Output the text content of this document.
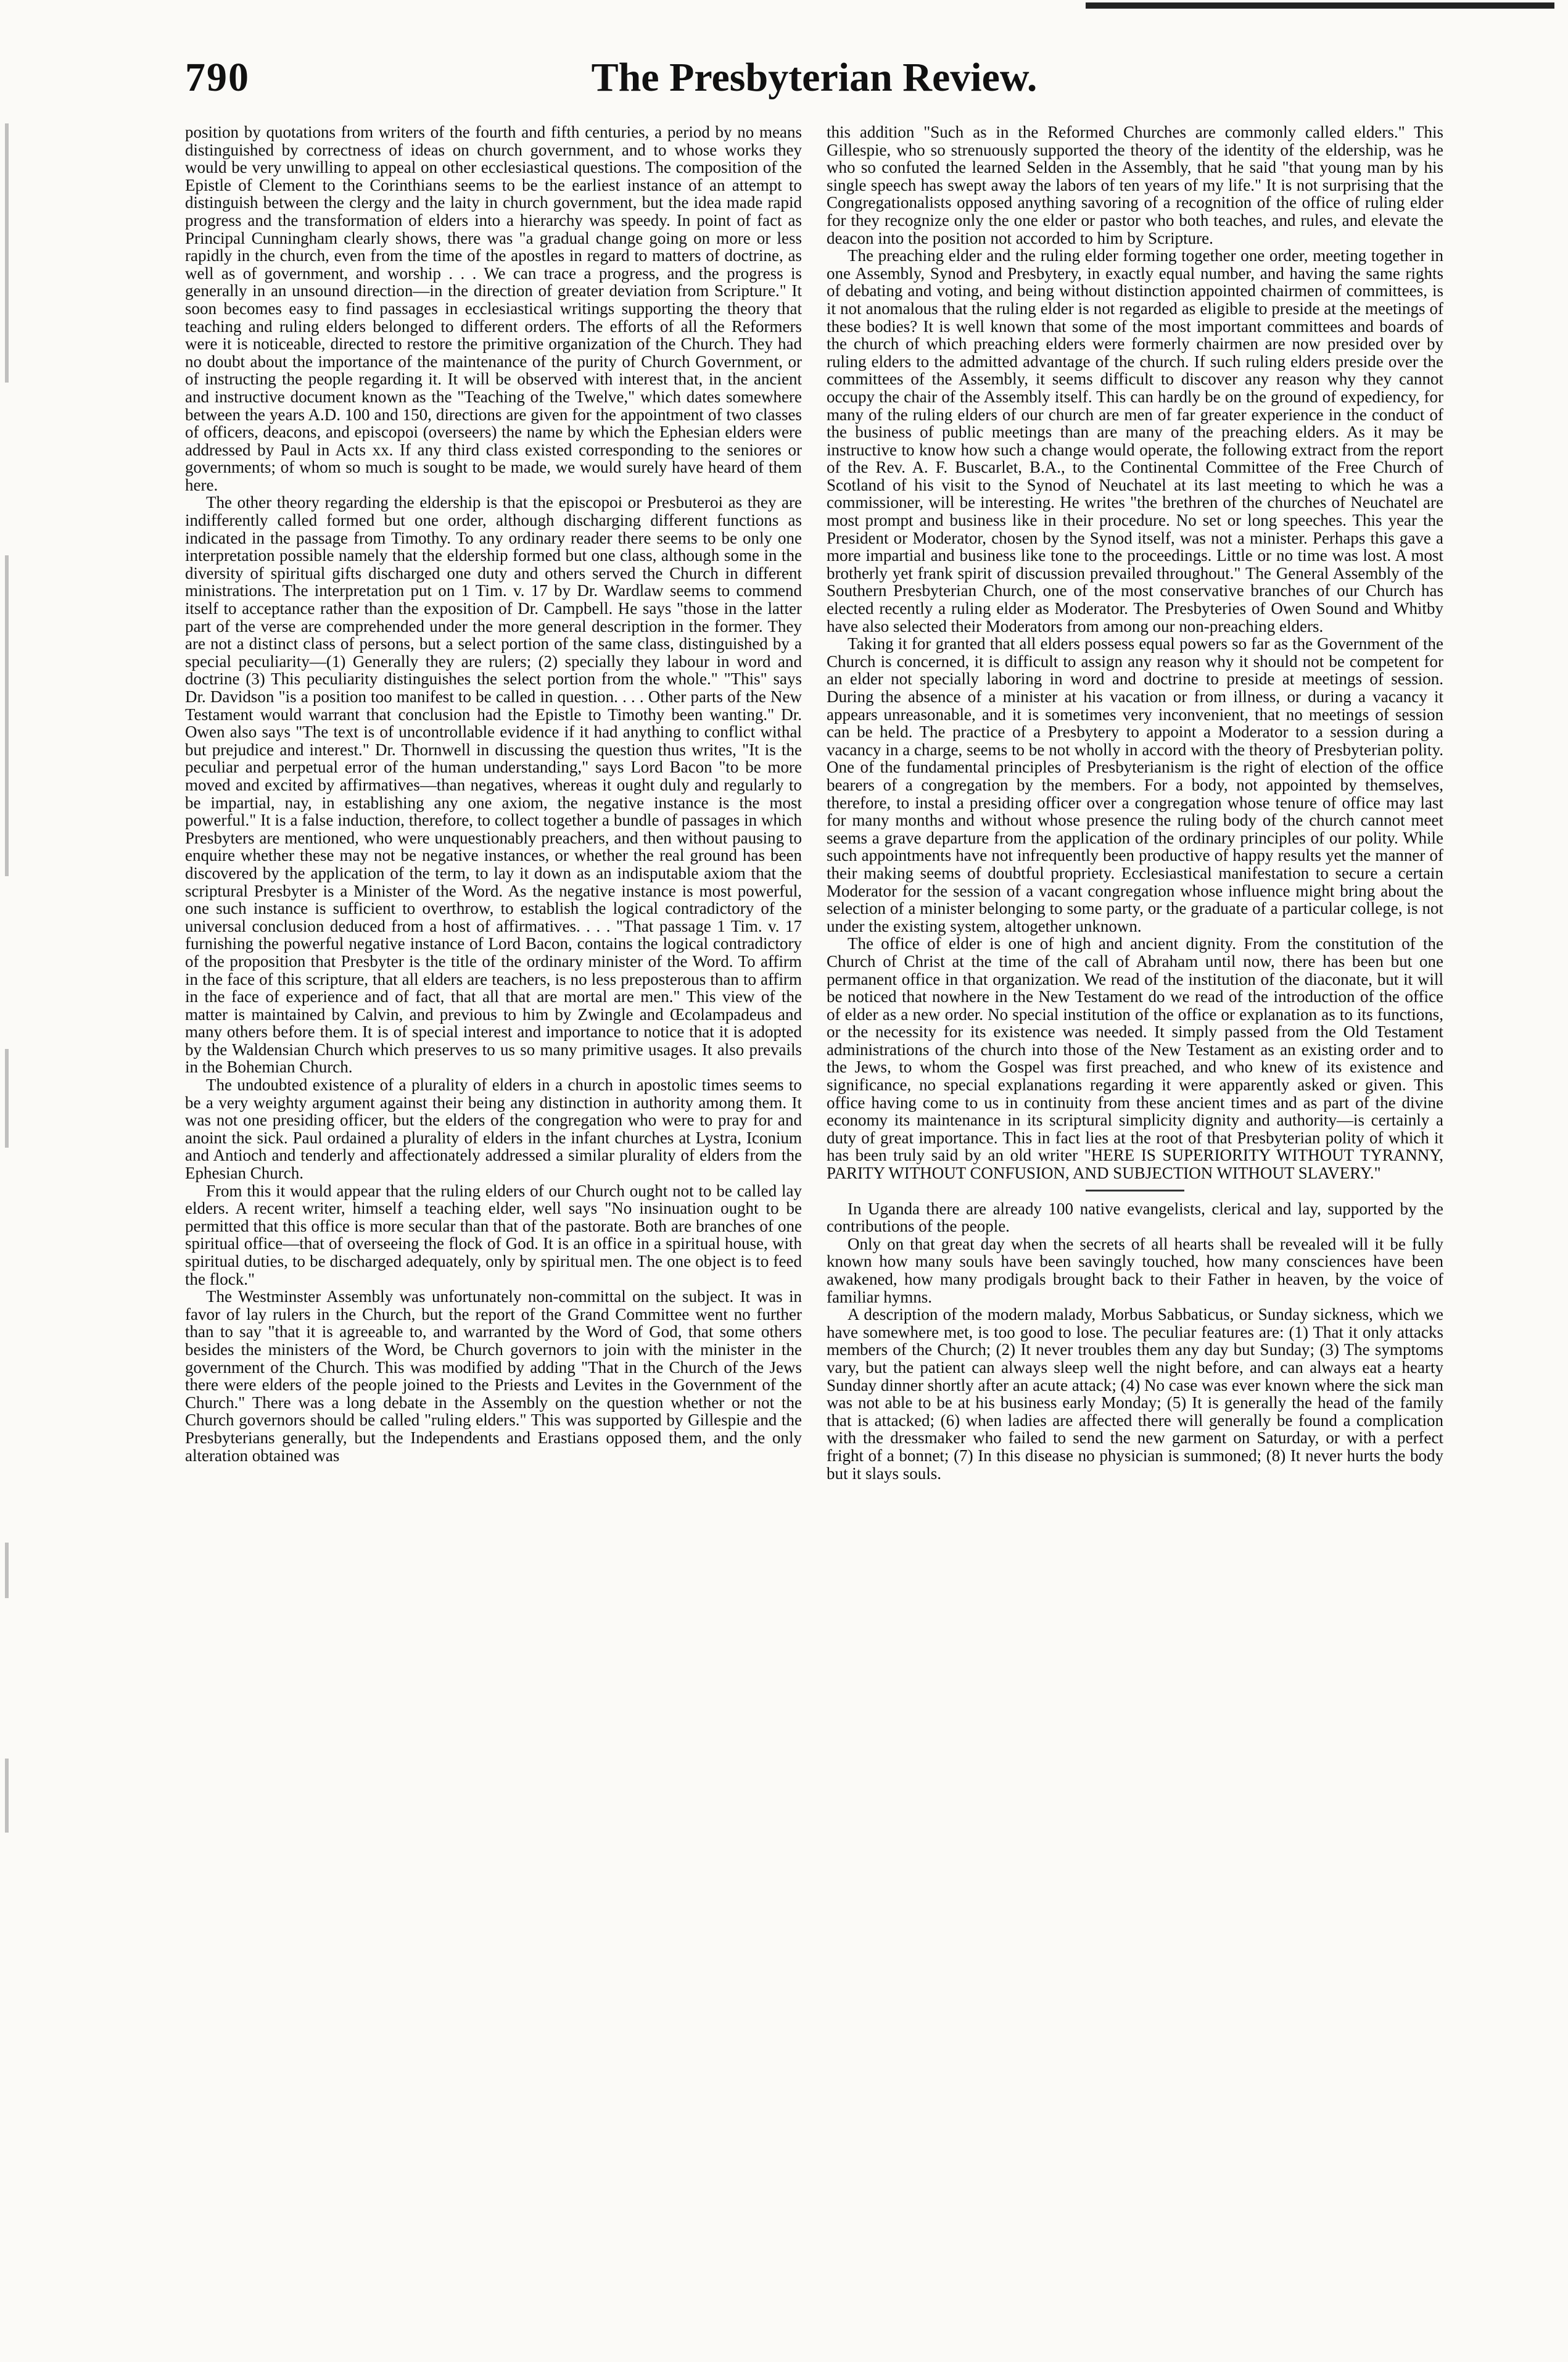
790	The Presbyterian Review.

position by quotations from writers of the fourth and fifth centuries, a period by no means distinguished by correctness of ideas on church government, and to whose works they would be very unwilling to appeal on other ecclesiastical questions. The composition of the Epistle of Clement to the Corinthians seems to be the earliest instance of an attempt to distinguish between the clergy and the laity in church government, but the idea made rapid progress and the transformation of elders into a hierarchy was speedy. In point of fact as Principal Cunningham clearly shows, there was "a gradual change going on more or less rapidly in the church, even from the time of the apostles in regard to matters of doctrine, as well as of government, and worship . . . We can trace a progress, and the progress is generally in an unsound direction—in the direction of greater deviation from Scripture." It soon becomes easy to find passages in ecclesiastical writings supporting the theory that teaching and ruling elders belonged to different orders. The efforts of all the Reformers were it is noticeable, directed to restore the primitive organization of the Church. They had no doubt about the importance of the maintenance of the purity of Church Government, or of instructing the people regarding it. It will be observed with interest that, in the ancient and instructive document known as the "Teaching of the Twelve," which dates somewhere between the years A.D. 100 and 150, directions are given for the appointment of two classes of officers, deacons, and episcopoi (overseers) the name by which the Ephesian elders were addressed by Paul in Acts xx. If any third class existed corresponding to the seniores or governments; of whom so much is sought to be made, we would surely have heard of them here.

The other theory regarding the eldership is that the episcopoi or Presbuteroi as they are indifferently called formed but one order, although discharging different functions as indicated in the passage from Timothy. To any ordinary reader there seems to be only one interpretation possible namely that the eldership formed but one class, although some in the diversity of spiritual gifts discharged one duty and others served the Church in different ministrations. The interpretation put on 1 Tim. v. 17 by Dr. Wardlaw seems to commend itself to acceptance rather than the exposition of Dr. Campbell. He says "those in the latter part of the verse are comprehended under the more general description in the former. They are not a distinct class of persons, but a select portion of the same class, distinguished by a special peculiarity—(1) Generally they are rulers; (2) specially they labour in word and doctrine (3) This peculiarity distinguishes the select portion from the whole." "This" says Dr. Davidson "is a position too manifest to be called in question. . . . Other parts of the New Testament would warrant that conclusion had the Epistle to Timothy been wanting." Dr. Owen also says "The text is of uncontrollable evidence if it had anything to conflict withal but prejudice and interest." Dr. Thornwell in discussing the question thus writes, "It is the peculiar and perpetual error of the human understanding," says Lord Bacon "to be more moved and excited by affirmatives—than negatives, whereas it ought duly and regularly to be impartial, nay, in establishing any one axiom, the negative instance is the most powerful." It is a false induction, therefore, to collect together a bundle of passages in which Presbyters are mentioned, who were unquestionably preachers, and then without pausing to enquire whether these may not be negative instances, or whether the real ground has been discovered by the application of the term, to lay it down as an indisputable axiom that the scriptural Presbyter is a Minister of the Word. As the negative instance is most powerful, one such instance is sufficient to overthrow, to establish the logical contradictory of the universal conclusion deduced from a host of affirmatives. . . . "That passage 1 Tim. v. 17 furnishing the powerful negative instance of Lord Bacon, contains the logical contradictory of the proposition that Presbyter is the title of the ordinary minister of the Word. To affirm in the face of this scripture, that all elders are teachers, is no less preposterous than to affirm in the face of experience and of fact, that all that are mortal are men." This view of the matter is maintained by Calvin, and previous to him by Zwingle and Œcolampadeus and many others before them. It is of special interest and importance to notice that it is adopted by the Waldensian Church which preserves to us so many primitive usages. It also prevails in the Bohemian Church.

The undoubted existence of a plurality of elders in a church in apostolic times seems to be a very weighty argument against their being any distinction in authority among them. It was not one presiding officer, but the elders of the congregation who were to pray for and anoint the sick. Paul ordained a plurality of elders in the infant churches at Lystra, Iconium and Antioch and tenderly and affectionately addressed a similar plurality of elders from the Ephesian Church.

From this it would appear that the ruling elders of our Church ought not to be called lay elders. A recent writer, himself a teaching elder, well says "No insinuation ought to be permitted that this office is more secular than that of the pastorate. Both are branches of one spiritual office—that of overseeing the flock of God. It is an office in a spiritual house, with spiritual duties, to be discharged adequately, only by spiritual men. The one object is to feed the flock."

The Westminster Assembly was unfortunately non-committal on the subject. It was in favor of lay rulers in the Church, but the report of the Grand Committee went no further than to say "that it is agreeable to, and warranted by the Word of God, that some others besides the ministers of the Word, be Church governors to join with the minister in the government of the Church. This was modified by adding "That in the Church of the Jews there were elders of the people joined to the Priests and Levites in the Government of the Church." There was a long debate in the Assembly on the question whether or not the Church governors should be called "ruling elders." This was supported by Gillespie and the Presbyterians generally, but the Independents and Erastians opposed them, and the only alteration obtained was

this addition "Such as in the Reformed Churches are commonly called elders." This Gillespie, who so strenuously supported the theory of the identity of the eldership, was he who so confuted the learned Selden in the Assembly, that he said "that young man by his single speech has swept away the labors of ten years of my life." It is not surprising that the Congregationalists opposed anything savoring of a recognition of the office of ruling elder for they recognize only the one elder or pastor who both teaches, and rules, and elevate the deacon into the position not accorded to him by Scripture.

The preaching elder and the ruling elder forming together one order, meeting together in one Assembly, Synod and Presbytery, in exactly equal number, and having the same rights of debating and voting, and being without distinction appointed chairmen of committees, is it not anomalous that the ruling elder is not regarded as eligible to preside at the meetings of these bodies? It is well known that some of the most important committees and boards of the church of which preaching elders were formerly chairmen are now presided over by ruling elders to the admitted advantage of the church. If such ruling elders preside over the committees of the Assembly, it seems difficult to discover any reason why they cannot occupy the chair of the Assembly itself. This can hardly be on the ground of expediency, for many of the ruling elders of our church are men of far greater experience in the conduct of the business of public meetings than are many of the preaching elders. As it may be instructive to know how such a change would operate, the following extract from the report of the Rev. A. F. Buscarlet, B.A., to the Continental Committee of the Free Church of Scotland of his visit to the Synod of Neuchatel at its last meeting to which he was a commissioner, will be interesting. He writes "the brethren of the churches of Neuchatel are most prompt and business like in their procedure. No set or long speeches. This year the President or Moderator, chosen by the Synod itself, was not a minister. Perhaps this gave a more impartial and business like tone to the proceedings. Little or no time was lost. A most brotherly yet frank spirit of discussion prevailed throughout." The General Assembly of the Southern Presbyterian Church, one of the most conservative branches of our Church has elected recently a ruling elder as Moderator. The Presbyteries of Owen Sound and Whitby have also selected their Moderators from among our non-preaching elders.

Taking it for granted that all elders possess equal powers so far as the Government of the Church is concerned, it is difficult to assign any reason why it should not be competent for an elder not specially laboring in word and doctrine to preside at meetings of session. During the absence of a minister at his vacation or from illness, or during a vacancy it appears unreasonable, and it is sometimes very inconvenient, that no meetings of session can be held. The practice of a Presbytery to appoint a Moderator to a session during a vacancy in a charge, seems to be not wholly in accord with the theory of Presbyterian polity. One of the fundamental principles of Presbyterianism is the right of election of the office bearers of a congregation by the members. For a body, not appointed by themselves, therefore, to instal a presiding officer over a congregation whose tenure of office may last for many months and without whose presence the ruling body of the church cannot meet seems a grave departure from the application of the ordinary principles of our polity. While such appointments have not infrequently been productive of happy results yet the manner of their making seems of doubtful propriety. Ecclesiastical manifestation to secure a certain Moderator for the session of a vacant congregation whose influence might bring about the selection of a minister belonging to some party, or the graduate of a particular college, is not under the existing system, altogether unknown.

The office of elder is one of high and ancient dignity. From the constitution of the Church of Christ at the time of the call of Abraham until now, there has been but one permanent office in that organization. We read of the institution of the diaconate, but it will be noticed that nowhere in the New Testament do we read of the introduction of the office of elder as a new order. No special institution of the office or explanation as to its functions, or the necessity for its existence was needed. It simply passed from the Old Testament administrations of the church into those of the New Testament as an existing order and to the Jews, to whom the Gospel was first preached, and who knew of its existence and significance, no special explanations regarding it were apparently asked or given. This office having come to us in continuity from these ancient times and as part of the divine economy its maintenance in its scriptural simplicity dignity and authority—is certainly a duty of great importance. This in fact lies at the root of that Presbyterian polity of which it has been truly said by an old writer "HERE IS SUPERIORITY WITHOUT TYRANNY, PARITY WITHOUT CONFUSION, AND SUBJECTION WITHOUT SLAVERY."

In Uganda there are already 100 native evangelists, clerical and lay, supported by the contributions of the people.

Only on that great day when the secrets of all hearts shall be revealed will it be fully known how many souls have been savingly touched, how many consciences have been awakened, how many prodigals brought back to their Father in heaven, by the voice of familiar hymns.

A description of the modern malady, Morbus Sabbaticus, or Sunday sickness, which we have somewhere met, is too good to lose. The peculiar features are: (1) That it only attacks members of the Church; (2) It never troubles them any day but Sunday; (3) The symptoms vary, but the patient can always sleep well the night before, and can always eat a hearty Sunday dinner shortly after an acute attack; (4) No case was ever known where the sick man was not able to be at his business early Monday; (5) It is generally the head of the family that is attacked; (6) when ladies are affected there will generally be found a complication with the dressmaker who failed to send the new garment on Saturday, or with a perfect fright of a bonnet; (7) In this disease no physician is summoned; (8) It never hurts the body but it slays souls.
